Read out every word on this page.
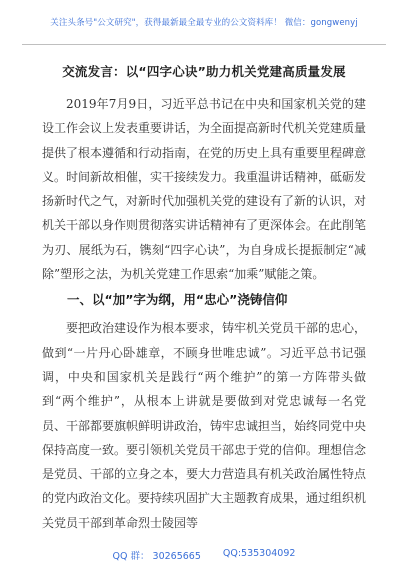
关注头条号"公文研究"，获得最新最全最专业的公文资料库！ 微信：gongwenyj
交流发言：以“四字心诀”助力机关党建高质量发展

2019年7月9日，习近平总书记在中央和国家机关党的建设工作会议上发表重要讲话，为全面提高新时代机关党建质量提供了根本遵循和行动指南，在党的历史上具有重要里程碑意义。时间新故相催，实干接续发力。我重温讲话精神，砥砺发扬新时代之气，对新时代加强机关党的建设有了新的认识，对机关干部以身作则贯彻落实讲话精神有了更深体会。在此削笔为刃、展纸为石，镌刻“四字心诀”，为自身成长提振制定“减除”塑形之法，为机关党建工作思索“加乘”赋能之策。

一、以“加”字为纲，用“忠心”浇铸信仰

要把政治建设作为根本要求，铸牢机关党员干部的忠心，做到“一片丹心卧雄章，不顾身世唯忠诚”。习近平总书记强调，中央和国家机关是践行“两个维护”的第一方阵带头做到“两个维护”，从根本上讲就是要做到对党忠诚每一名党员、干部都要旗帜鲜明讲政治，铸牢忠诚担当，始终同党中央保持高度一致。要引领机关党员干部忠于党的信仰。理想信念是党员、干部的立身之本，要大力营造具有机关政治属性特点的党内政治文化。要持续巩固扩大主题教育成果，通过组织机关党员干部到革命烈士陵园等

QQ 群： 30265665 QQ:535304092
